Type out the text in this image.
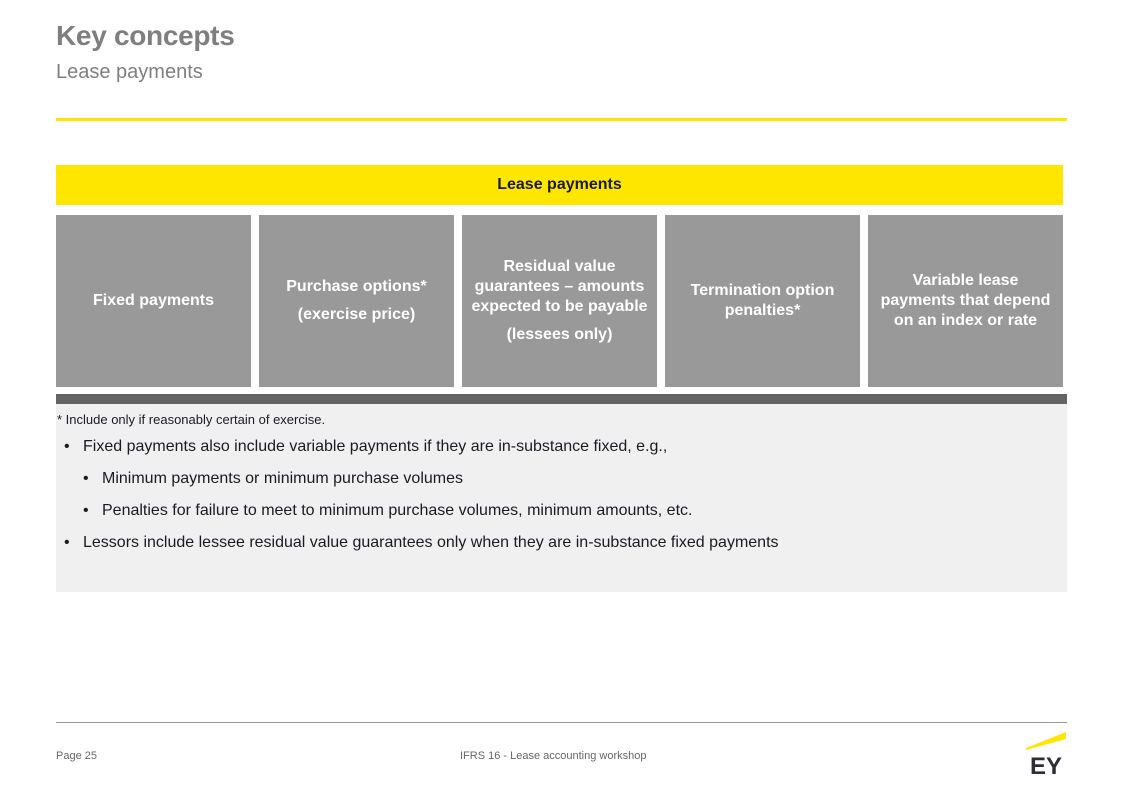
Key concepts
Lease payments
Lease payments
Fixed payments
Purchase options*
(exercise price)
Residual value guarantees – amounts expected to be payable
(lessees only)
Termination option penalties*
Variable lease payments that depend on an index or rate
* Include only if reasonably certain of exercise.
• Fixed payments also include variable payments if they are in-substance fixed, e.g.,
• Minimum payments or minimum purchase volumes
• Penalties for failure to meet to minimum purchase volumes, minimum amounts, etc.
• Lessors include lessee residual value guarantees only when they are in-substance fixed payments
Page 25	IFRS 16 - Lease accounting workshop	EY
